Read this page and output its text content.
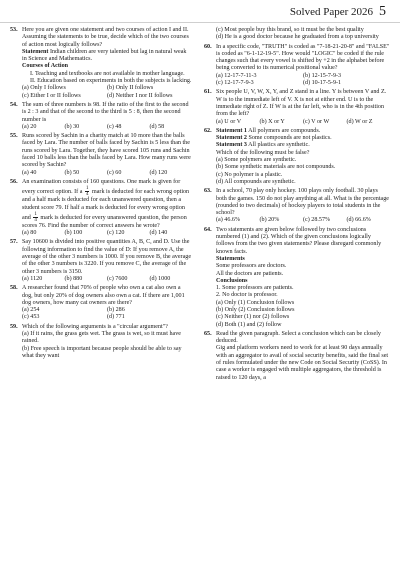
Solved Paper 2026 5
53. Here you are given one statement and two courses of action I and II. Assuming the statements to be true, decide which of the two courses of action most logically follows?

Statement Indian children are very talented but lag in natural weak in Science and Mathematics.

Courses of Action

I. Teaching and textbooks are not available in mother language.

II. Education based on experiments in both the subjects is lacking.

(a) Only I follows	(b) Only II follows
(c) Either I or II follows	(d) Neither I nor II follows
54. The sum of three numbers is 98. If the ratio of the first to the second is 2 : 3 and that of the second to the third is 5 : 8, then the second number is

(a) 20	(b) 30	(c) 48	(d) 58
55. Runs scored by Sachin in a charity match at 10 more than the balls faced by Lara. The number of balls faced by Sachin is 5 less than the runs scored by Lara. Together, they have scored 105 runs and Sachin faced 10 balls less than the balls faced by Lara. How many runs were scored by Sachin?

(a) 40	(b) 50	(c) 60	(d) 120
56. An examination consists of 160 questions. One mark is given for every correct option. If a $\frac{1}{4}$ mark is deducted for each wrong option and a half mark is deducted for each unanswered question, then a student score 79. If half a mark is deducted for every wrong option and $\frac{1}{4}$ mark is deducted for every unanswered question, the person scores 76. Find the number of correct answers he wrote?

(a) 80	(b) 100	(c) 120	(d) 140
57. Say 10600 is divided into positive quantities A, B, C, and D. Use the following information to find the value of D: If you remove A, the average of the other 3 numbers is 1000. If you remove B, the average of the other 3 numbers is 3220. If you remove C, the average of the other 3 numbers is 3150.

(a) 1120	(b) 880	(c) 7600	(d) 1000
58. A researcher found that 70% of people who own a cat also own a dog, but only 20% of dog owners also own a cat. If there are 1,001 dog owners, how many cat owners are there?

(a) 254	(b) 286
(c) 453	(d) 771
59. Which of the following arguments is a "circular argument"?

(a) If it rains, the grass gets wet. The grass is wet, so it must have rained.

(b) Free speech is important because people should be able to say what they want

(c) Most people buy this brand, so it must be the best quality

(d) He is a good doctor because he graduated from a top university

60. In a specific code, "TRUTH" is coded as "7-18-21-20-8" and "FALSE" is coded as "6-1-12-19-5". How would "LOGIC" be coded if the rule changes such that every vowel is shifted by +2 in the alphabet before being converted to its numerical positional value?

(a) 12-17-7-11-3	(b) 12-15-7-9-3
(c) 12-17-7-9-3	(d) 10-17-5-9-1
61. Six people U, V, W, X, Y, and Z stand in a line. Y is between V and Z. W is to the immediate left of V. X is not at either end. U is to the immediate right of Z. If W is at the far left, who is in the 4th position from the left?

(a) U or V	(b) X or Y	(c) V or W	(d) W or Z
62. Statement 1 All polymers are compounds.

Statement 2 Some compounds are not plastics.

Statement 3 All plastics are synthetic.

Which of the following must be false?

(a) Some polymers are synthetic.

(b) Some synthetic materials are not compounds.

(c) No polymer is a plastic.

(d) All compounds are synthetic.

63. In a school, 70 play only hockey. 100 plays only football. 30 plays both the games. 150 do not play anything at all. What is the percentage (rounded to two decimals) of hockey players to total students in the school?

(a) 46.6%	(b) 20%	(c) 28.57%	(d) 66.6%
64. Two statements are given below followed by two conclusions numbered (1) and (2). Which of the given conclusions logically follows from the two given statements? Please disregard commonly known facts.

Statements

Some professors are doctors.

All the doctors are patients.

Conclusions

1. Some professors are patients.

2. No doctor is professor.

(a) Only (1) Conclusion follows

(b) Only (2) Conclusion follows

(c) Neither (1) nor (2) follows

(d) Both (1) and (2) follow

65. Read the given paragraph. Select a conclusion which can be closely deduced.

Gig and platform workers need to work for at least 90 days annually with an aggregator to avail of social security benefits, said the final set of rules formulated under the new Code on Social Security (CoSS). In case a worker is engaged with multiple aggregators, the threshold is raised to 120 days, a
